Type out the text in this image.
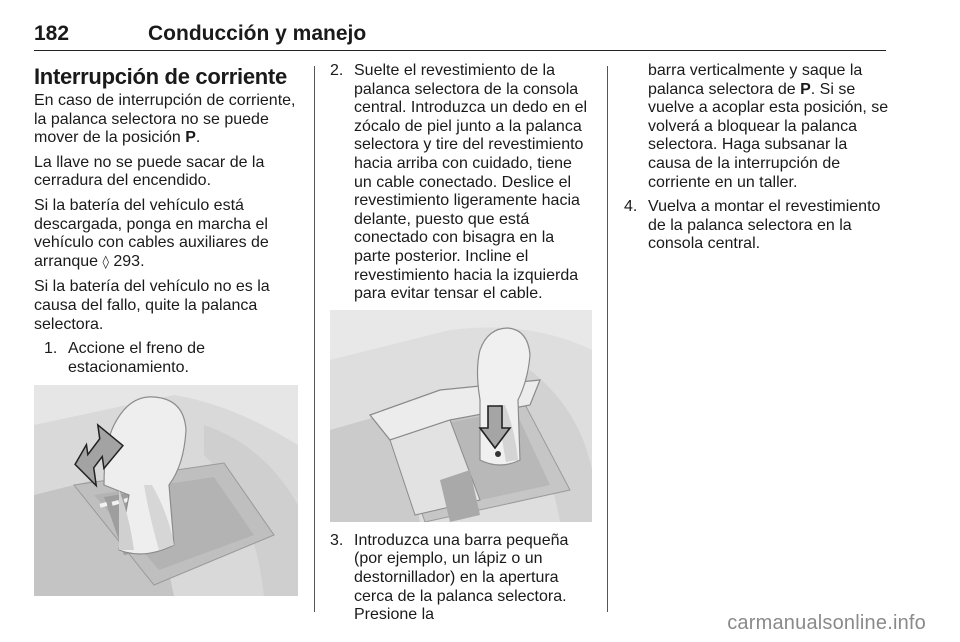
182	Conducción y manejo
Interrupción de corriente

En caso de interrupción de corriente, la palanca selectora no se puede mover de la posición P.

La llave no se puede sacar de la cerradura del encendido.

Si la batería del vehículo está descargada, ponga en marcha el vehículo con cables auxiliares de arranque ◊ 293.

Si la batería del vehículo no es la causa del fallo, quite la palanca selectora.

1. Accione el freno de estacionamiento.
2. Suelte el revestimiento de la palanca selectora de la consola central. Introduzca un dedo en el zócalo de piel junto a la palanca selectora y tire del revestimiento hacia arriba con cuidado, tiene un cable conectado. Deslice el revestimiento ligeramente hacia delante, puesto que está conectado con bisagra en la parte posterior. Incline el revestimiento hacia la izquierda para evitar tensar el cable.
3. Introduzca una barra pequeña (por ejemplo, un lápiz o un destornillador) en la apertura cerca de la palanca selectora. Presione la

barra verticalmente y saque la palanca selectora de P. Si se vuelve a acoplar esta posición, se volverá a bloquear la palanca selectora. Haga subsanar la causa de la interrupción de corriente en un taller.

4. Vuelva a montar el revestimiento de la palanca selectora en la consola central.
carmanualsonline.info
